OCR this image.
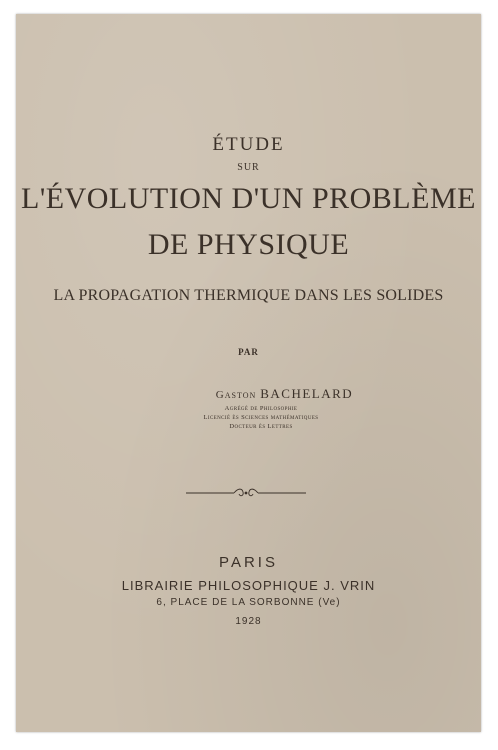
ÉTUDE
SUR
L'ÉVOLUTION D'UN PROBLÈME
DE PHYSIQUE
LA PROPAGATION THERMIQUE DANS LES SOLIDES
PAR
Gaston BACHELARD
Agrégé de Philosophie
Licencié ès Sciences mathématiques
Docteur ès Lettres
PARIS
LIBRAIRIE PHILOSOPHIQUE J. VRIN
6, PLACE DE LA SORBONNE (Ve)
1928
